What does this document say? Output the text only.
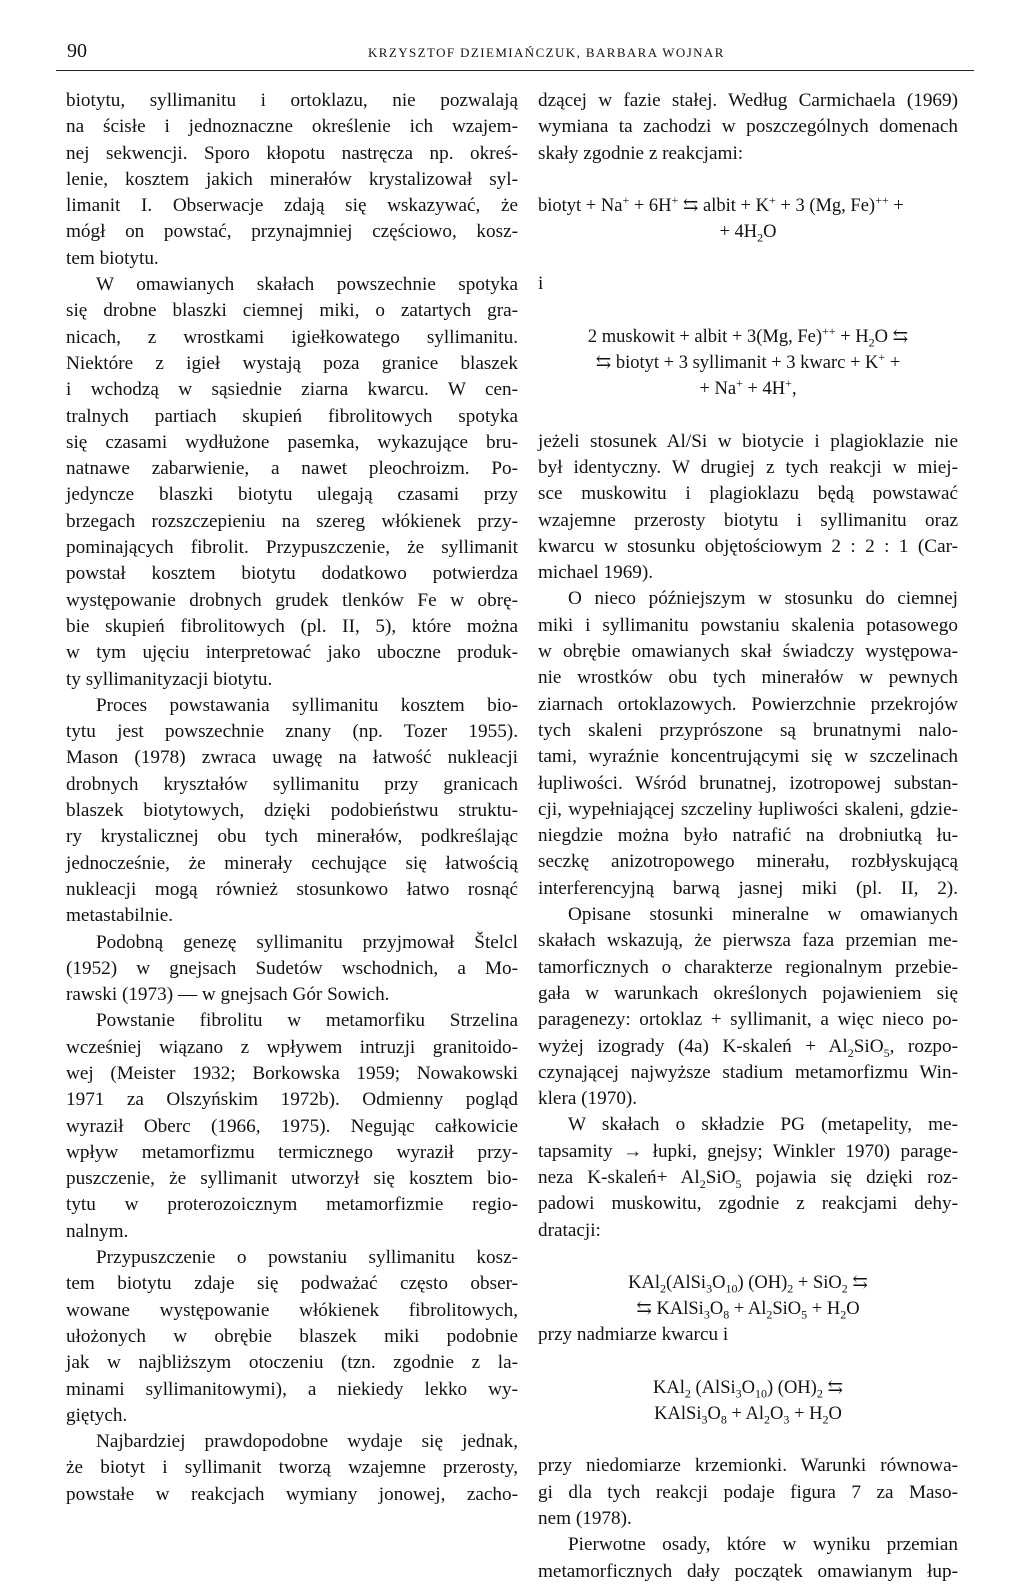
90	KRZYSZTOF DZIEMIAŃCZUK, BARBARA WOJNAR
biotytu, syllimanitu i ortoklazu, nie pozwalają
na ścisłe i jednoznaczne określenie ich wzajem-
nej sekwencji. Sporo kłopotu nastręcza np. okreś-
lenie, kosztem jakich minerałów krystalizował syl-
limanit I. Obserwacje zdają się wskazywać, że
mógł on powstać, przynajmniej częściowo, kosz-
tem biotytu.
W omawianych skałach powszechnie spotyka
się drobne blaszki ciemnej miki, o zatartych gra-
nicach, z wrostkami igiełkowatego syllimanitu.
Niektóre z igieł wystają poza granice blaszek
i wchodzą w sąsiednie ziarna kwarcu. W cen-
tralnych partiach skupień fibrolitowych spotyka
się czasami wydłużone pasemka, wykazujące bru-
natnawe zabarwienie, a nawet pleochroizm. Po-
jedyncze blaszki biotytu ulegają czasami przy
brzegach rozszczepieniu na szereg włókienek przy-
pominających fibrolit. Przypuszczenie, że syllimanit
powstał kosztem biotytu dodatkowo potwierdza
występowanie drobnych grudek tlenków Fe w obrę-
bie skupień fibrolitowych (pl. II, 5), które można
w tym ujęciu interpretować jako uboczne produk-
ty syllimanityzacji biotytu.
Proces powstawania syllimanitu kosztem bio-
tytu jest powszechnie znany (np. Tozer 1955).
Mason (1978) zwraca uwagę na łatwość nukleacji
drobnych kryształów syllimanitu przy granicach
blaszek biotytowych, dzięki podobieństwu struktu-
ry krystalicznej obu tych minerałów, podkreślając
jednocześnie, że minerały cechujące się łatwością
nukleacji mogą również stosunkowo łatwo rosnąć
metastabilnie.
Podobną genezę syllimanitu przyjmował Štelcl
(1952) w gnejsach Sudetów wschodnich, a Mo-
rawski (1973) — w gnejsach Gór Sowich.
Powstanie fibrolitu w metamorfiku Strzelina
wcześniej wiązano z wpływem intruzji granitoido-
wej (Meister 1932; Borkowska 1959; Nowakowski
1971 za Olszyńskim 1972b). Odmienny pogląd
wyraził Oberc (1966, 1975). Negując całkowicie
wpływ metamorfizmu termicznego wyraził przy-
puszczenie, że syllimanit utworzył się kosztem bio-
tytu w proterozoicznym metamorfizmie regio-
nalnym.
Przypuszczenie o powstaniu syllimanitu kosz-
tem biotytu zdaje się podważać często obser-
wowane występowanie włókienek fibrolitowych,
ułożonych w obrębie blaszek miki podobnie
jak w najbliższym otoczeniu (tzn. zgodnie z la-
minami syllimanitowymi), a niekiedy lekko wy-
giętych.
Najbardziej prawdopodobne wydaje się jednak,
że biotyt i syllimanit tworzą wzajemne przerosty,
powstałe w reakcjach wymiany jonowej, zacho-
dzącej w fazie stałej. Według Carmichaela (1969)
wymiana ta zachodzi w poszczególnych domenach
skały zgodnie z reakcjami:
biotyt + Na+ + 6H+ ⇆ albit + K+ + 3 (Mg, Fe)++ +
+ $4H_2O$
i
2 muskowit + albit + 3(Mg, $Fe)^{++} + H_2O$ ⇆
⇆ biotyt + 3 syllimanit + 3 kwarc + K+ +
+ Na+ + 4H+,
jeżeli stosunek Al/Si w biotycie i plagioklazie nie
był identyczny. W drugiej z tych reakcji w miej-
sce muskowitu i plagioklazu będą powstawać
wzajemne przerosty biotytu i syllimanitu oraz
kwarcu w stosunku objętościowym 2 : 2 : 1 (Car-
michael 1969).
O nieco późniejszym w stosunku do ciemnej
miki i syllimanitu powstaniu skalenia potasowego
w obrębie omawianych skał świadczy występowa-
nie wrostków obu tych minerałów w pewnych
ziarnach ortoklazowych. Powierzchnie przekrojów
tych skaleni przyprószone są brunatnymi nalo-
tami, wyraźnie koncentrującymi się w szczelinach
łupliwości. Wśród brunatnej, izotropowej substan-
cji, wypełniającej szczeliny łupliwości skaleni, gdzie-
niegdzie można było natrafić na drobniutką łu-
seczkę anizotropowego minerału, rozbłyskującą
interferencyjną barwą jasnej miki (pl. II, 2).
Opisane stosunki mineralne w omawianych
skałach wskazują, że pierwsza faza przemian me-
tamorficznych o charakterze regionalnym przebie-
gała w warunkach określonych pojawieniem się
paragenezy: ortoklaz + syllimanit, a więc nieco po-
wyżej izogrady (4a) K-skaleń + $Al_2SiO_5$, rozpo-
czynającej najwyższe stadium metamorfizmu Win-
klera (1970).
W skałach o składzie PG (metapelity, me-
tapsamity → łupki, gnejsy; Winkler 1970) parage-
neza K-skaleń+ $Al_2SiO_5$ pojawia się dzięki roz-
padowi muskowitu, zgodnie z reakcjami dehy-
dratacji:
$KAl_2(AlSi_3O_{10}) (OH)_2 + SiO_2$ ⇆
⇆ $KAlSi_3O_8 + Al_2SiO_5 + H_2O$
przy nadmiarze kwarcu i
KAl$_2$ $(AlSi_3O_{10})$ $(OH)_2$ ⇆
$KAlSi_3O_8 + Al_2O_3 + H_2O$
przy niedomiarze krzemionki. Warunki równowa-
gi dla tych reakcji podaje figura 7 za Maso-
nem (1978).
Pierwotne osady, które w wyniku przemian
metamorficznych dały początek omawianym łup-
